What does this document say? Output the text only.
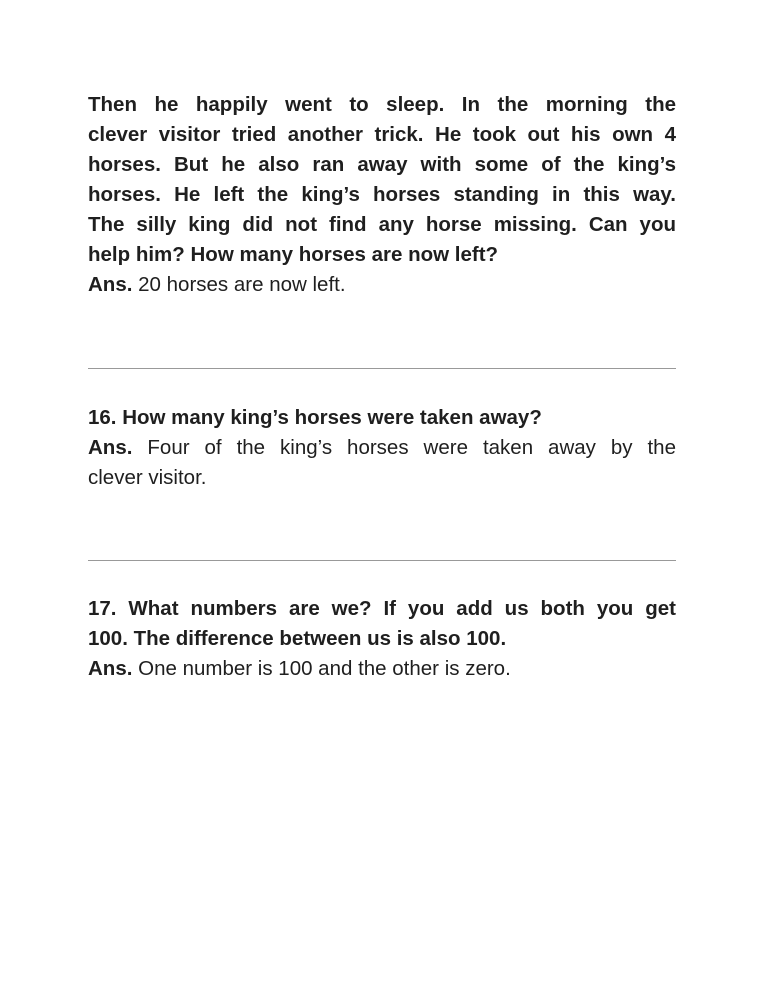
Then he happily went to sleep. In the morning the
clever visitor tried another trick. He took out his own 4
horses. But he also ran away with some of the king’s
horses. He left the king’s horses standing in this way.
The silly king did not find any horse missing. Can you
help him? How many horses are now left?
Ans. 20 horses are now left.
16. How many king’s horses were taken away?
Ans. Four of the king’s horses were taken away by the
clever visitor.
17. What numbers are we? If you add us both you get
100. The difference between us is also 100.
Ans. One number is 100 and the other is zero.
